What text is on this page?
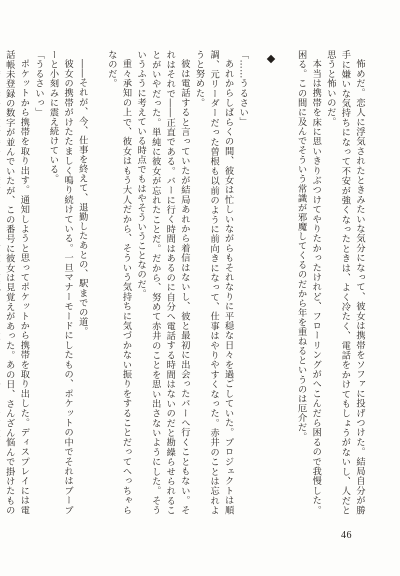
怖めだ。恋人に浮気されたときみたいな気分になって、彼女は携帯をソファに投げつけた。結局自分が勝手に嫌いな気持ちになって不安が強くなったときは、よく冷たく、電話をかけてもしょうがないし、人だと思うと怖いのだ。

本当は携帯を床に思いきりぶつけてやりたかったけれど、フローリングがへこんだら困るので我慢した。困る。この間に及んでそういう常識が邪魔してくるのだから年を重ねるというのは厄介だ。

「……うるさい」

あれからしばらくの間、彼女は忙しいながらもそれなりに平穏な日々を過ごしていた。プロジェクトは順調、元リーダーだった曽根も以前のように前向きになって、仕事はやりやすくなった。赤井のことは忘れようと努めた。

彼は電話すると言っていたが結局あれから着信はないし、彼と最初に出会ったバーへ行くこともない。それはそれで――正直である。バーに行く時間はあるのに自分へ電話する時間はないのだと勘繰らせられることがいやだった。単純に彼女が忘れたことだ。だから、努めて赤井のことを思い出さないようにした。そういうふうに考えている時点でもはやそういうことなのだ。

重々承知の上で、彼女はもう大人だから、そういう気持ちに気づかない振りをすることだってへっちゃらなのだ。

――それが、今、仕事を終えて、退勤したあとの、駅までの道。

彼女の携帯がけたたましく鳴り続けている。一旦マナーモードにしたもの、ポケットの中でそれはブーブーと小刻みに震え続けている。

「うるさいっ」

ポケットから携帯を取り出す。通知しようと思ってポケットから携帯を取り出した。ディスプレイには電話帳未登録の数字が並んでいたが、この番号に彼女は見覚えがあった。あの日、さんざん悩んで掛けたもの

46
